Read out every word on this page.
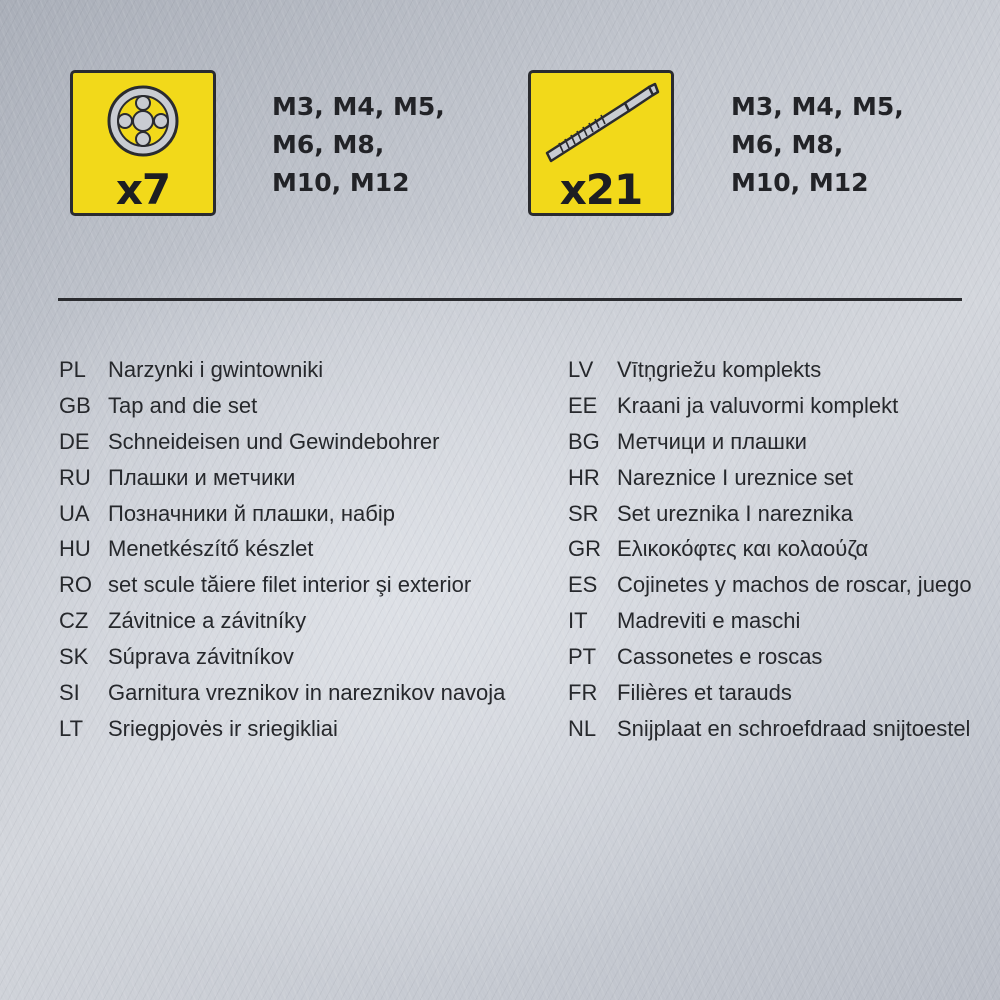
x7
M3, M4, M5,
M6, M8,
M10, M12	x21
M3, M4, M5,
M6, M8,
M10, M12
PL Narzynki i gwintowniki
GB Tap and die set
DE Schneideisen und Gewindebohrer
RU Плашки и метчики
UA Позначники й плашки, набір
HU Menetkészítő készlet
RO set scule tăiere filet interior şi exterior
CZ Závitnice a závitníky
SK Súprava závitníkov
SI Garnitura vreznikov in nareznikov navoja
LT Sriegpjovės ir sriegikliai
LV Vītņgriežu komplekts
EE Kraani ja valuvormi komplekt
BG Метчици и плашки
HR Nareznice I ureznice set
SR Set ureznika I nareznika
GR Ελικοκόφτες και κολαούζα
ES Cojinetes y machos de roscar, juego
IT Madreviti e maschi
PT Cassonetes e roscas
FR Filières et tarauds
NL Snijplaat en schroefdraad snijtoestel
